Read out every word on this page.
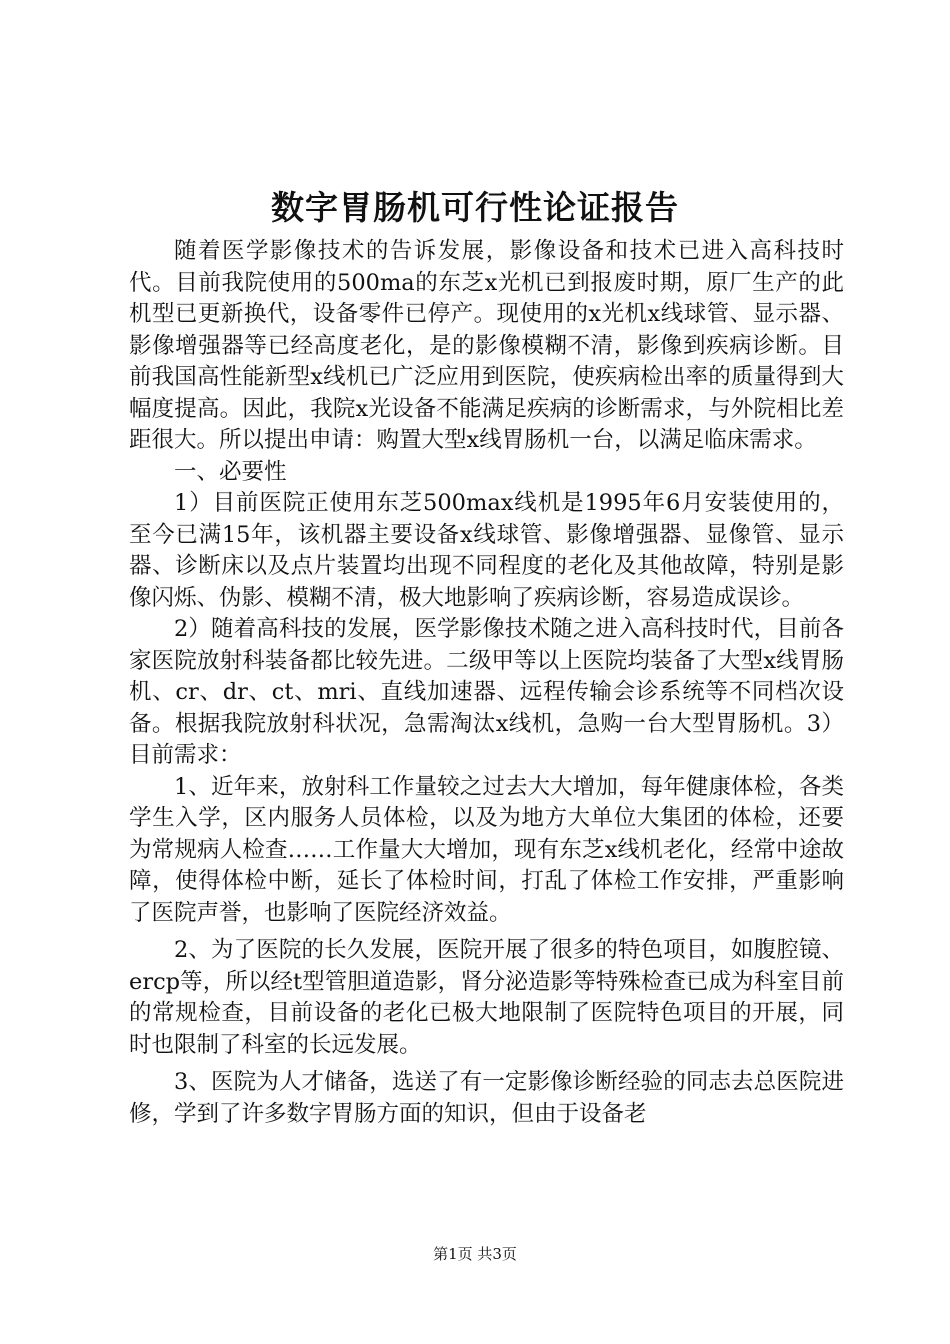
数字胃肠机可行性论证报告

随着医学影像技术的告诉发展，影像设备和技术已进入高科技时代。目前我院使用的500ma的东芝x光机已到报废时期，原厂生产的此机型已更新换代，设备零件已停产。现使用的x光机x线球管、显示器、影像增强器等已经高度老化，是的影像模糊不清，影像到疾病诊断。目前我国高性能新型x线机已广泛应用到医院，使疾病检出率的质量得到大幅度提高。因此，我院x光设备不能满足疾病的诊断需求，与外院相比差距很大。所以提出申请：购置大型x线胃肠机一台，以满足临床需求。

一、必要性

1）目前医院正使用东芝500max线机是1995年6月安装使用的，至今已满15年，该机器主要设备x线球管、影像增强器、显像管、显示器、诊断床以及点片装置均出现不同程度的老化及其他故障，特别是影像闪烁、伪影、模糊不清，极大地影响了疾病诊断，容易造成误诊。

2）随着高科技的发展，医学影像技术随之进入高科技时代，目前各家医院放射科装备都比较先进。二级甲等以上医院均装备了大型x线胃肠机、cr、dr、ct、mri、直线加速器、远程传输会诊系统等不同档次设备。根据我院放射科状况，急需淘汰x线机，急购一台大型胃肠机。3）目前需求：

1、近年来，放射科工作量较之过去大大增加，每年健康体检，各类学生入学，区内服务人员体检，以及为地方大单位大集团的体检，还要为常规病人检查……工作量大大增加，现有东芝x线机老化，经常中途故障，使得体检中断，延长了体检时间，打乱了体检工作安排，严重影响了医院声誉，也影响了医院经济效益。

2、为了医院的长久发展，医院开展了很多的特色项目，如腹腔镜、ercp等，所以经t型管胆道造影，肾分泌造影等特殊检查已成为科室目前的常规检查，目前设备的老化已极大地限制了医院特色项目的开展，同时也限制了科室的长远发展。

3、医院为人才储备，选送了有一定影像诊断经验的同志去总医院进修，学到了许多数字胃肠方面的知识，但由于设备老

第1页 共3页
